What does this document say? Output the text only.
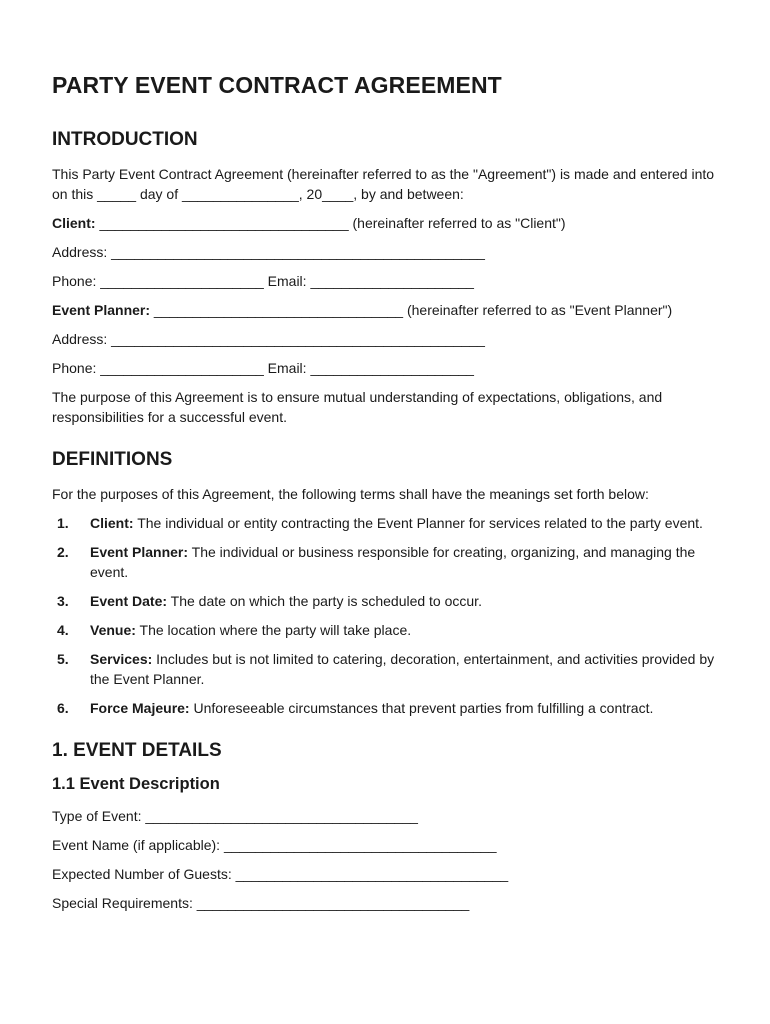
PARTY EVENT CONTRACT AGREEMENT
INTRODUCTION

This Party Event Contract Agreement (hereinafter referred to as the "Agreement") is made and entered into on this _____ day of _______________, 20____, by and between:

Client: ________________________________ (hereinafter referred to as "Client")

Address: ________________________________________________

Phone: _____________________ Email: _____________________

Event Planner: ________________________________ (hereinafter referred to as "Event Planner")

Address: ________________________________________________

Phone: _____________________ Email: _____________________

The purpose of this Agreement is to ensure mutual understanding of expectations, obligations, and responsibilities for a successful event.

DEFINITIONS

For the purposes of this Agreement, the following terms shall have the meanings set forth below:

1. Client: The individual or entity contracting the Event Planner for services related to the party event.
2. Event Planner: The individual or business responsible for creating, organizing, and managing the event.
3. Event Date: The date on which the party is scheduled to occur.
4. Venue: The location where the party will take place.
5. Services: Includes but is not limited to catering, decoration, entertainment, and activities provided by the Event Planner.
6. Force Majeure: Unforeseeable circumstances that prevent parties from fulfilling a contract.
1. EVENT DETAILS
1.1 Event Description

Type of Event: ___________________________________

Event Name (if applicable): ___________________________________

Expected Number of Guests: ___________________________________

Special Requirements: ___________________________________
